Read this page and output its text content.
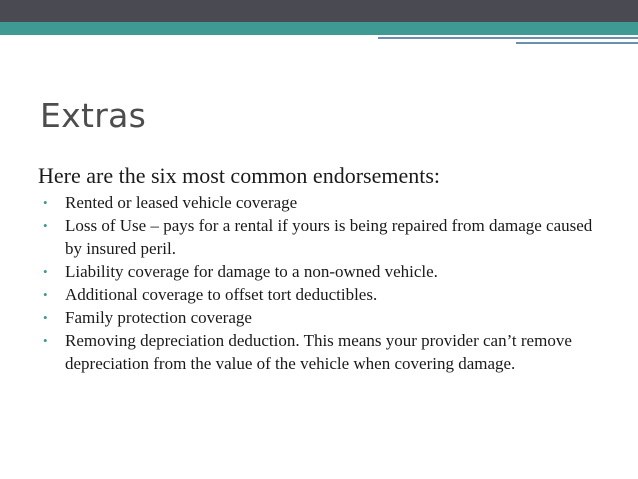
Extras
Here are the six most common endorsements:
• Rented or leased vehicle coverage
• Loss of Use – pays for a rental if yours is being repaired from damage caused by insured peril.
• Liability coverage for damage to a non-owned vehicle.
• Additional coverage to offset tort deductibles.
• Family protection coverage
• Removing depreciation deduction. This means your provider can’t remove depreciation from the value of the vehicle when covering damage.
